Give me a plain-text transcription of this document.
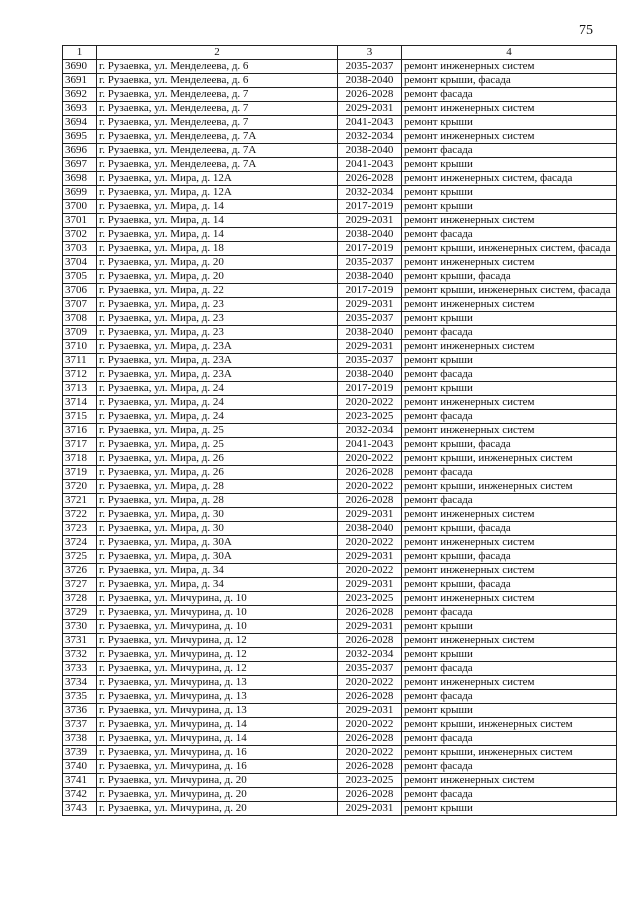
75
1	2	3	4
3690	г. Рузаевка, ул. Менделеева, д. 6	2035-2037	ремонт инженерных систем
3691	г. Рузаевка, ул. Менделеева, д. 6	2038-2040	ремонт крыши, фасада
3692	г. Рузаевка, ул. Менделеева, д. 7	2026-2028	ремонт фасада
3693	г. Рузаевка, ул. Менделеева, д. 7	2029-2031	ремонт инженерных систем
3694	г. Рузаевка, ул. Менделеева, д. 7	2041-2043	ремонт крыши
3695	г. Рузаевка, ул. Менделеева, д. 7А	2032-2034	ремонт инженерных систем
3696	г. Рузаевка, ул. Менделеева, д. 7А	2038-2040	ремонт фасада
3697	г. Рузаевка, ул. Менделеева, д. 7А	2041-2043	ремонт крыши
3698	г. Рузаевка, ул. Мира, д. 12А	2026-2028	ремонт инженерных систем, фасада
3699	г. Рузаевка, ул. Мира, д. 12А	2032-2034	ремонт крыши
3700	г. Рузаевка, ул. Мира, д. 14	2017-2019	ремонт крыши
3701	г. Рузаевка, ул. Мира, д. 14	2029-2031	ремонт инженерных систем
3702	г. Рузаевка, ул. Мира, д. 14	2038-2040	ремонт фасада
3703	г. Рузаевка, ул. Мира, д. 18	2017-2019	ремонт крыши, инженерных систем, фасада
3704	г. Рузаевка, ул. Мира, д. 20	2035-2037	ремонт инженерных систем
3705	г. Рузаевка, ул. Мира, д. 20	2038-2040	ремонт крыши, фасада
3706	г. Рузаевка, ул. Мира, д. 22	2017-2019	ремонт крыши, инженерных систем, фасада
3707	г. Рузаевка, ул. Мира, д. 23	2029-2031	ремонт инженерных систем
3708	г. Рузаевка, ул. Мира, д. 23	2035-2037	ремонт крыши
3709	г. Рузаевка, ул. Мира, д. 23	2038-2040	ремонт фасада
3710	г. Рузаевка, ул. Мира, д. 23А	2029-2031	ремонт инженерных систем
3711	г. Рузаевка, ул. Мира, д. 23А	2035-2037	ремонт крыши
3712	г. Рузаевка, ул. Мира, д. 23А	2038-2040	ремонт фасада
3713	г. Рузаевка, ул. Мира, д. 24	2017-2019	ремонт крыши
3714	г. Рузаевка, ул. Мира, д. 24	2020-2022	ремонт инженерных систем
3715	г. Рузаевка, ул. Мира, д. 24	2023-2025	ремонт фасада
3716	г. Рузаевка, ул. Мира, д. 25	2032-2034	ремонт инженерных систем
3717	г. Рузаевка, ул. Мира, д. 25	2041-2043	ремонт крыши, фасада
3718	г. Рузаевка, ул. Мира, д. 26	2020-2022	ремонт крыши, инженерных систем
3719	г. Рузаевка, ул. Мира, д. 26	2026-2028	ремонт фасада
3720	г. Рузаевка, ул. Мира, д. 28	2020-2022	ремонт крыши, инженерных систем
3721	г. Рузаевка, ул. Мира, д. 28	2026-2028	ремонт фасада
3722	г. Рузаевка, ул. Мира, д. 30	2029-2031	ремонт инженерных систем
3723	г. Рузаевка, ул. Мира, д. 30	2038-2040	ремонт крыши, фасада
3724	г. Рузаевка, ул. Мира, д. 30А	2020-2022	ремонт инженерных систем
3725	г. Рузаевка, ул. Мира, д. 30А	2029-2031	ремонт крыши, фасада
3726	г. Рузаевка, ул. Мира, д. 34	2020-2022	ремонт инженерных систем
3727	г. Рузаевка, ул. Мира, д. 34	2029-2031	ремонт крыши, фасада
3728	г. Рузаевка, ул. Мичурина, д. 10	2023-2025	ремонт инженерных систем
3729	г. Рузаевка, ул. Мичурина, д. 10	2026-2028	ремонт фасада
3730	г. Рузаевка, ул. Мичурина, д. 10	2029-2031	ремонт крыши
3731	г. Рузаевка, ул. Мичурина, д. 12	2026-2028	ремонт инженерных систем
3732	г. Рузаевка, ул. Мичурина, д. 12	2032-2034	ремонт крыши
3733	г. Рузаевка, ул. Мичурина, д. 12	2035-2037	ремонт фасада
3734	г. Рузаевка, ул. Мичурина, д. 13	2020-2022	ремонт инженерных систем
3735	г. Рузаевка, ул. Мичурина, д. 13	2026-2028	ремонт фасада
3736	г. Рузаевка, ул. Мичурина, д. 13	2029-2031	ремонт крыши
3737	г. Рузаевка, ул. Мичурина, д. 14	2020-2022	ремонт крыши, инженерных систем
3738	г. Рузаевка, ул. Мичурина, д. 14	2026-2028	ремонт фасада
3739	г. Рузаевка, ул. Мичурина, д. 16	2020-2022	ремонт крыши, инженерных систем
3740	г. Рузаевка, ул. Мичурина, д. 16	2026-2028	ремонт фасада
3741	г. Рузаевка, ул. Мичурина, д. 20	2023-2025	ремонт инженерных систем
3742	г. Рузаевка, ул. Мичурина, д. 20	2026-2028	ремонт фасада
3743	г. Рузаевка, ул. Мичурина, д. 20	2029-2031	ремонт крыши
